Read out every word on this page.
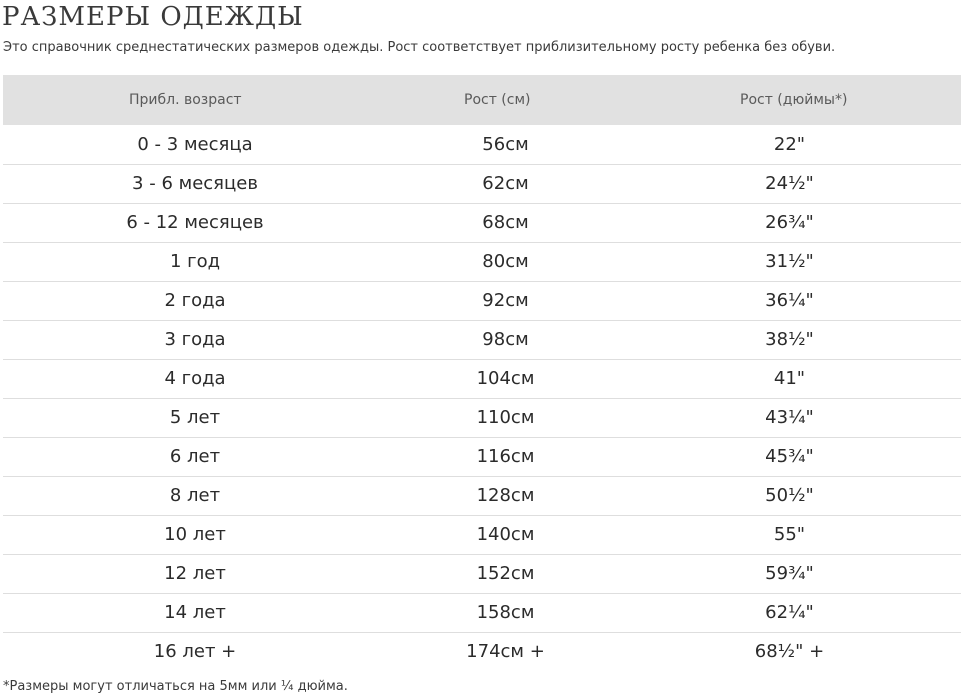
РАЗМЕРЫ ОДЕЖДЫ
Это справочник среднестатических размеров одежды. Рост соответствует приблизительному росту ребенка без обуви.
Прибл. возраст	Рост (см)	Рост (дюймы*)
0 - 3 месяца	56см	22"
3 - 6 месяцев	62см	24½"
6 - 12 месяцев	68см	26¾"
1 год	80см	31½"
2 года	92см	36¼"
3 года	98см	38½"
4 года	104см	41"
5 лет	110см	43¼"
6 лет	116см	45¾"
8 лет	128см	50½"
10 лет	140см	55"
12 лет	152см	59¾"
14 лет	158см	62¼"
16 лет +	174см +	68½" +
*Размеры могут отличаться на 5мм или ¼ дюйма.
